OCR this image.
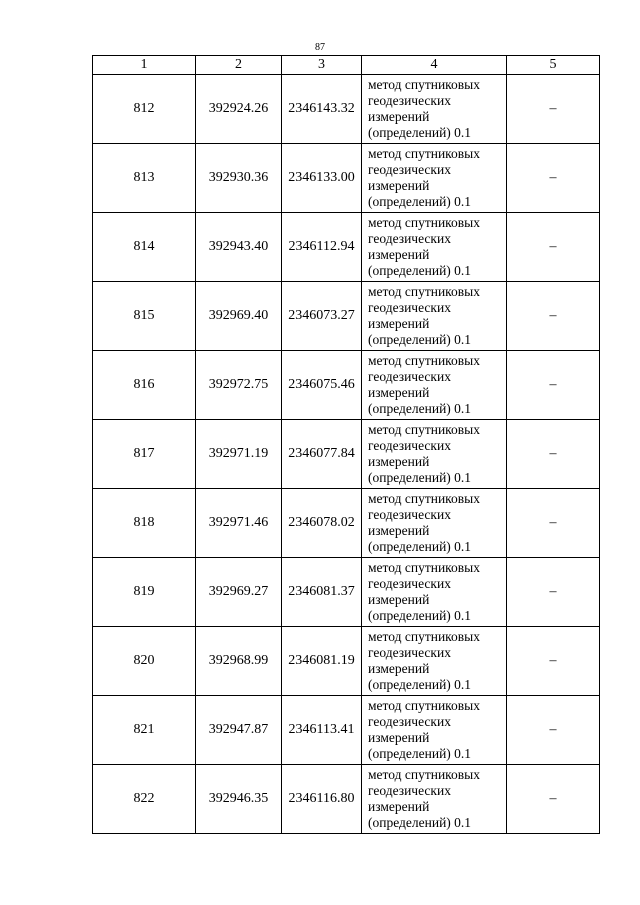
87
1	2	3	4	5
812	392924.26	2346143.32	метод спутниковых геодезических измерений (определений) 0.1	–
813	392930.36	2346133.00	метод спутниковых геодезических измерений (определений) 0.1	–
814	392943.40	2346112.94	метод спутниковых геодезических измерений (определений) 0.1	–
815	392969.40	2346073.27	метод спутниковых геодезических измерений (определений) 0.1	–
816	392972.75	2346075.46	метод спутниковых геодезических измерений (определений) 0.1	–
817	392971.19	2346077.84	метод спутниковых геодезических измерений (определений) 0.1	–
818	392971.46	2346078.02	метод спутниковых геодезических измерений (определений) 0.1	–
819	392969.27	2346081.37	метод спутниковых геодезических измерений (определений) 0.1	–
820	392968.99	2346081.19	метод спутниковых геодезических измерений (определений) 0.1	–
821	392947.87	2346113.41	метод спутниковых геодезических измерений (определений) 0.1	–
822	392946.35	2346116.80	метод спутниковых геодезических измерений (определений) 0.1	–
